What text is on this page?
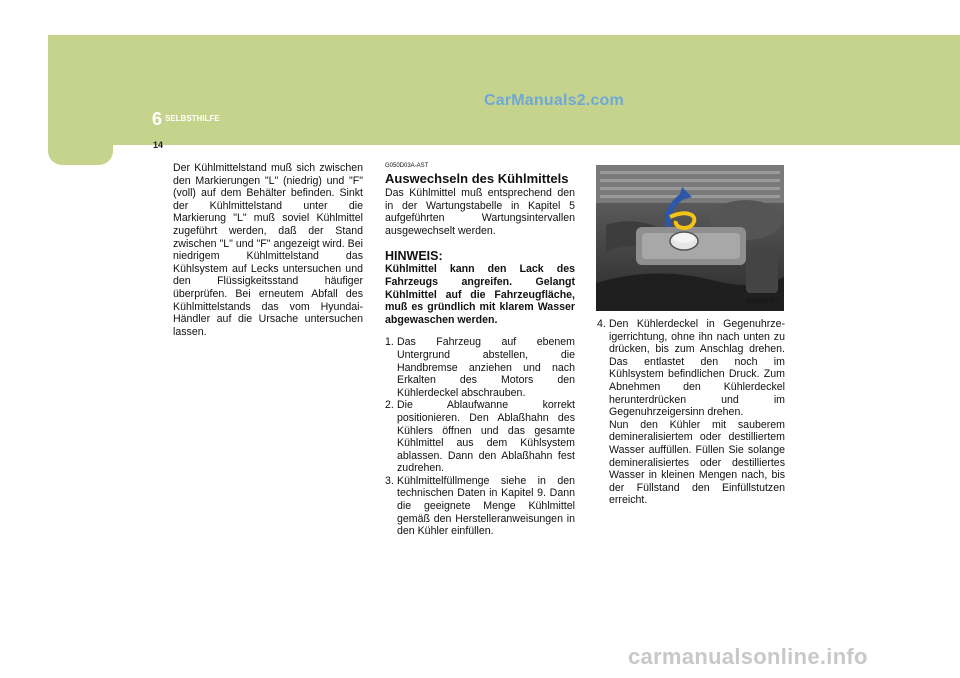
CarManuals2.com
6 SELBSTHILFE
14

Der Kühlmittelstand muß sich zwischen den Markierungen "L" (niedrig) und "F" (voll) auf dem Behälter befinden. Sinkt der Kühlmittelstand unter die Markierung "L" muß soviel Kühlmittel zugeführt werden, daß der Stand zwischen "L" und "F" angezeigt wird. Bei niedrigem Kühlmittelstand das Kühlsystem auf Lecks untersuchen und den Flüssigkeitsstand häufiger überprüfen. Bei erneutem Abfall des Kühlmittelstands das vom Hyundai-Händler auf die Ursache untersuchen lassen.

G050D03A-AST

Auswechseln des Kühlmittels

Das Kühlmittel muß entsprechend den in der Wartungstabelle in Kapitel 5 aufgeführten Wartungsintervallen ausgewechselt werden.

HINWEIS:

Kühlmittel kann den Lack des Fahrzeugs angreifen. Gelangt Kühlmittel auf die Fahrzeugfläche, muß es gründlich mit klarem Wasser abgewaschen werden.

1. Das Fahrzeug auf ebenem Untergrund abstellen, die Handbremse anziehen und nach Erkalten des Motors den Kühlerdeckel abschrauben.
2. Die Ablaufwanne korrekt positionieren. Den Ablaßhahn des Kühlers öffnen und das gesamte Kühlmittel aus dem Kühlsystem ablassen. Dann den Ablaßhahn fest zudrehen.
3. Kühlmittelfüllmenge siehe in den technischen Daten in Kapitel 9. Dann die geeignete Menge Kühlmittel gemäß den Herstelleranweisungen in den Kühler einfüllen.
G050D01FC
4. Den Kühlerdeckel in Gegenuhrze-igerrichtung, ohne ihn nach unten zu drücken, bis zum Anschlag drehen. Das entlastet den noch im Kühlsystem befindlichen Druck. Zum Abnehmen den Kühlerdeckel herunterdrücken und im Gegenuhrzeigersinn drehen.

Nun den Kühler mit sauberem demineralisiertem oder destilliertem Wasser auffüllen. Füllen Sie solange demineralisiertes oder destilliertes Wasser in kleinen Mengen nach, bis der Füllstand den Einfüllstutzen erreicht.

carmanualsonline.info
